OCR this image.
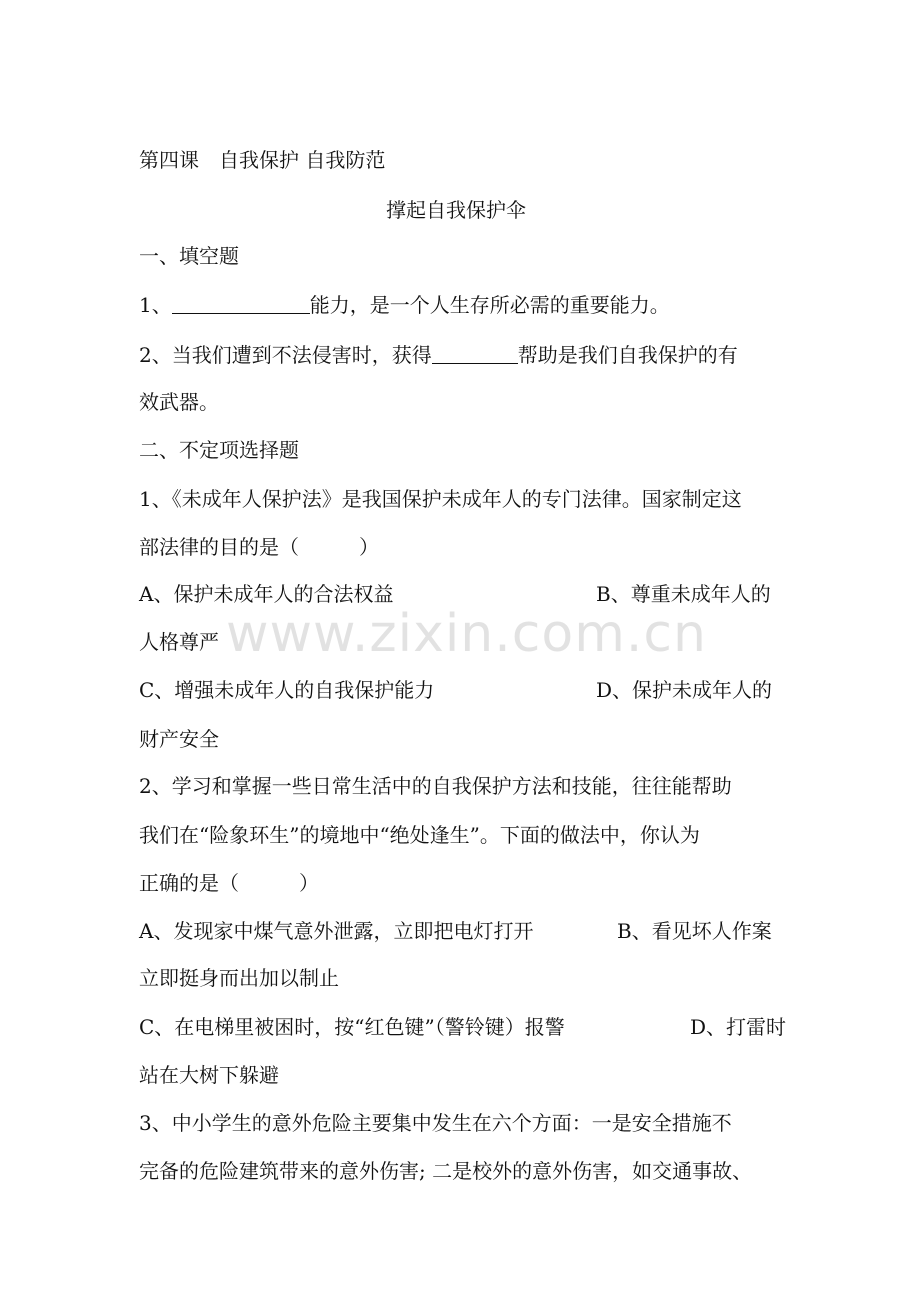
www.zixin.com.cn
第四课　自我保护 自我防范
撑起自我保护伞
一、填空题
1、	能力，是一个人生存所必需的重要能力。
2、当我们遭到不法侵害时，获得	帮助是我们自我保护的有
效武器。
二、不定项选择题
1、《未成年人保护法》是我国保护未成年人的专门法律。国家制定这
部法律的目的是（　　　）
A、保护未成年人的合法权益	B、尊重未成年人的
人格尊严
C、增强未成年人的自我保护能力	D、保护未成年人的
财产安全
2、学习和掌握一些日常生活中的自我保护方法和技能，往往能帮助
我们在“险象环生”的境地中“绝处逢生”。下面的做法中，你认为
正确的是（　　　）
A、发现家中煤气意外泄露，立即把电灯打开	B、看见坏人作案
立即挺身而出加以制止
C、在电梯里被困时，按“红色键”（警铃键）报警	D、打雷时
站在大树下躲避
3、中小学生的意外危险主要集中发生在六个方面：一是安全措施不
完备的危险建筑带来的意外伤害; 二是校外的意外伤害，如交通事故、
